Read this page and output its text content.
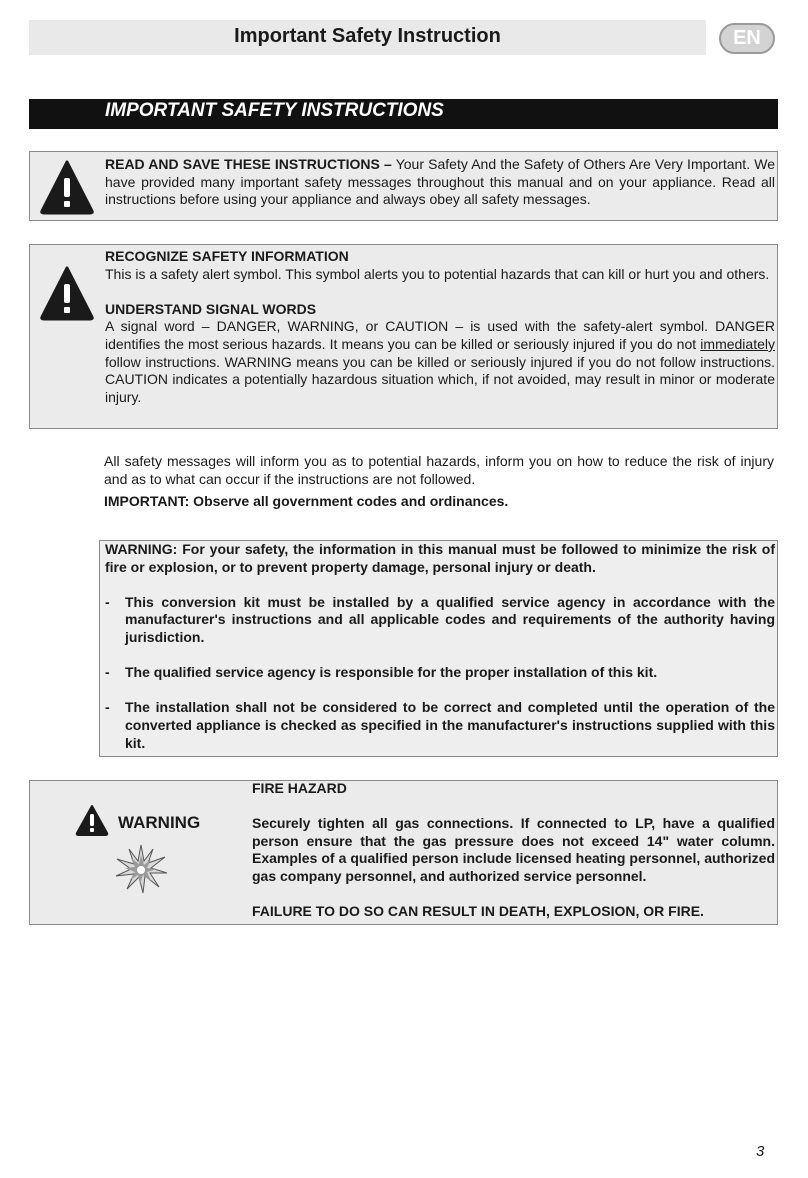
Important Safety Instruction	EN
IMPORTANT SAFETY INSTRUCTIONS
READ AND SAVE THESE INSTRUCTIONS – Your Safety And the Safety of Others Are Very Important. We have provided many important safety messages throughout this manual and on your appliance. Read all instructions before using your appliance and always obey all safety messages.
RECOGNIZE SAFETY INFORMATION
This is a safety alert symbol. This symbol alerts you to potential hazards that can kill or hurt you and others.
UNDERSTAND SIGNAL WORDS
A signal word – DANGER, WARNING, or CAUTION – is used with the safety-alert symbol. DANGER identifies the most serious hazards. It means you can be killed or seriously injured if you do not immediately follow instructions. WARNING means you can be killed or seriously injured if you do not follow instructions. CAUTION indicates a potentially hazardous situation which, if not avoided, may result in minor or moderate injury.
All safety messages will inform you as to potential hazards, inform you on how to reduce the risk of injury and as to what can occur if the instructions are not followed.
IMPORTANT: Observe all government codes and ordinances.
WARNING: For your safety, the information in this manual must be followed to minimize the risk of fire or explosion, or to prevent property damage, personal injury or death.
- This conversion kit must be installed by a qualified service agency in accordance with the manufacturer's instructions and all applicable codes and requirements of the authority having jurisdiction.
- The qualified service agency is responsible for the proper installation of this kit.
- The installation shall not be considered to be correct and completed until the operation of the converted appliance is checked as specified in the manufacturer's instructions supplied with this kit.
WARNING
FIRE HAZARD
Securely tighten all gas connections. If connected to LP, have a qualified person ensure that the gas pressure does not exceed 14" water column. Examples of a qualified person include licensed heating personnel, authorized gas company personnel, and authorized service personnel.
FAILURE TO DO SO CAN RESULT IN DEATH, EXPLOSION, OR FIRE.
3
